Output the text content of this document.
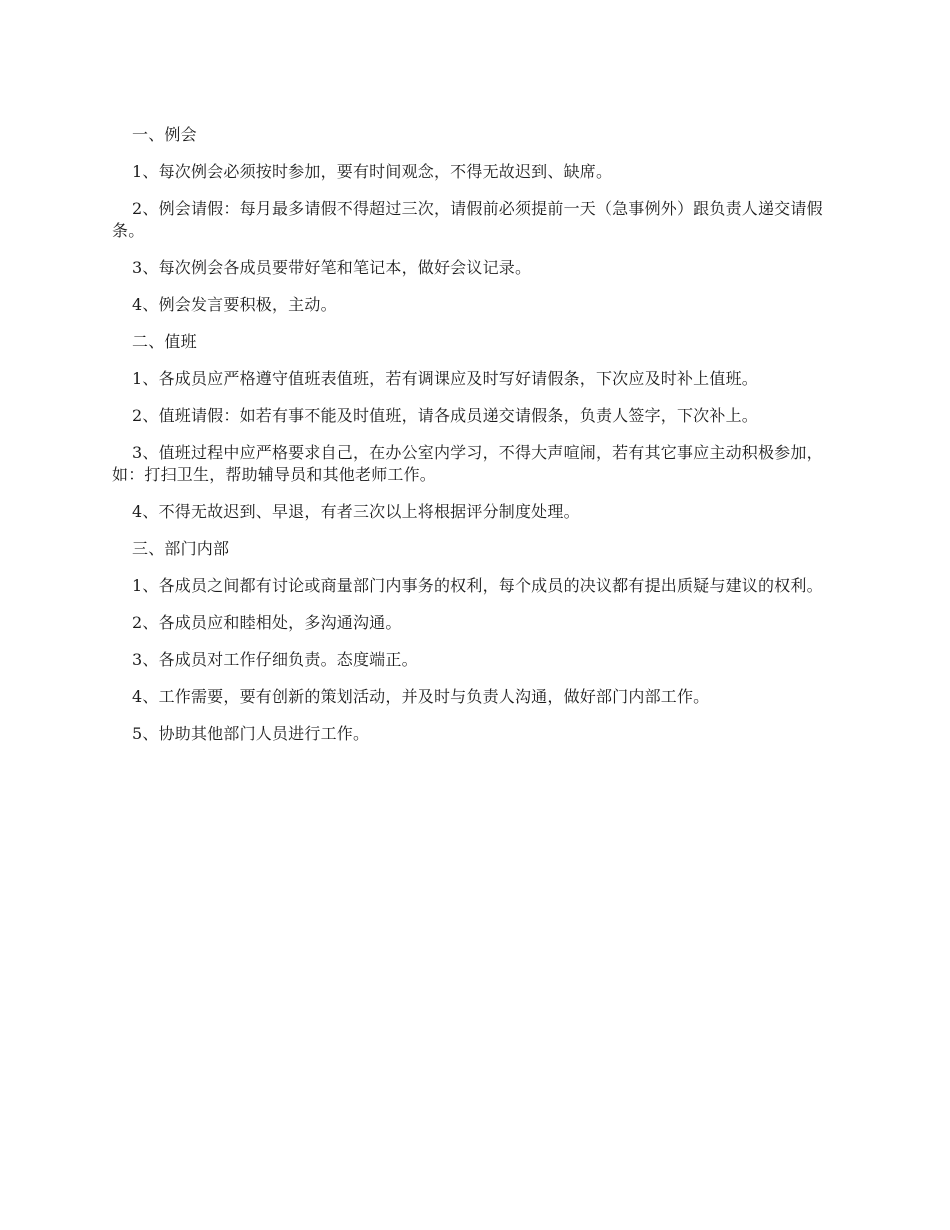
一、例会

1、每次例会必须按时参加，要有时间观念，不得无故迟到、缺席。

2、例会请假：每月最多请假不得超过三次，请假前必须提前一天（急事例外）跟负责人递交请假条。

3、每次例会各成员要带好笔和笔记本，做好会议记录。

4、例会发言要积极，主动。

二、值班

1、各成员应严格遵守值班表值班，若有调课应及时写好请假条，下次应及时补上值班。

2、值班请假：如若有事不能及时值班，请各成员递交请假条，负责人签字，下次补上。

3、值班过程中应严格要求自己，在办公室内学习，不得大声喧闹，若有其它事应主动积极参加，如：打扫卫生，帮助辅导员和其他老师工作。

4、不得无故迟到、早退，有者三次以上将根据评分制度处理。

三、部门内部

1、各成员之间都有讨论或商量部门内事务的权利，每个成员的决议都有提出质疑与建议的权利。

2、各成员应和睦相处，多沟通沟通。

3、各成员对工作仔细负责。态度端正。

4、工作需要，要有创新的策划活动，并及时与负责人沟通，做好部门内部工作。

5、协助其他部门人员进行工作。
